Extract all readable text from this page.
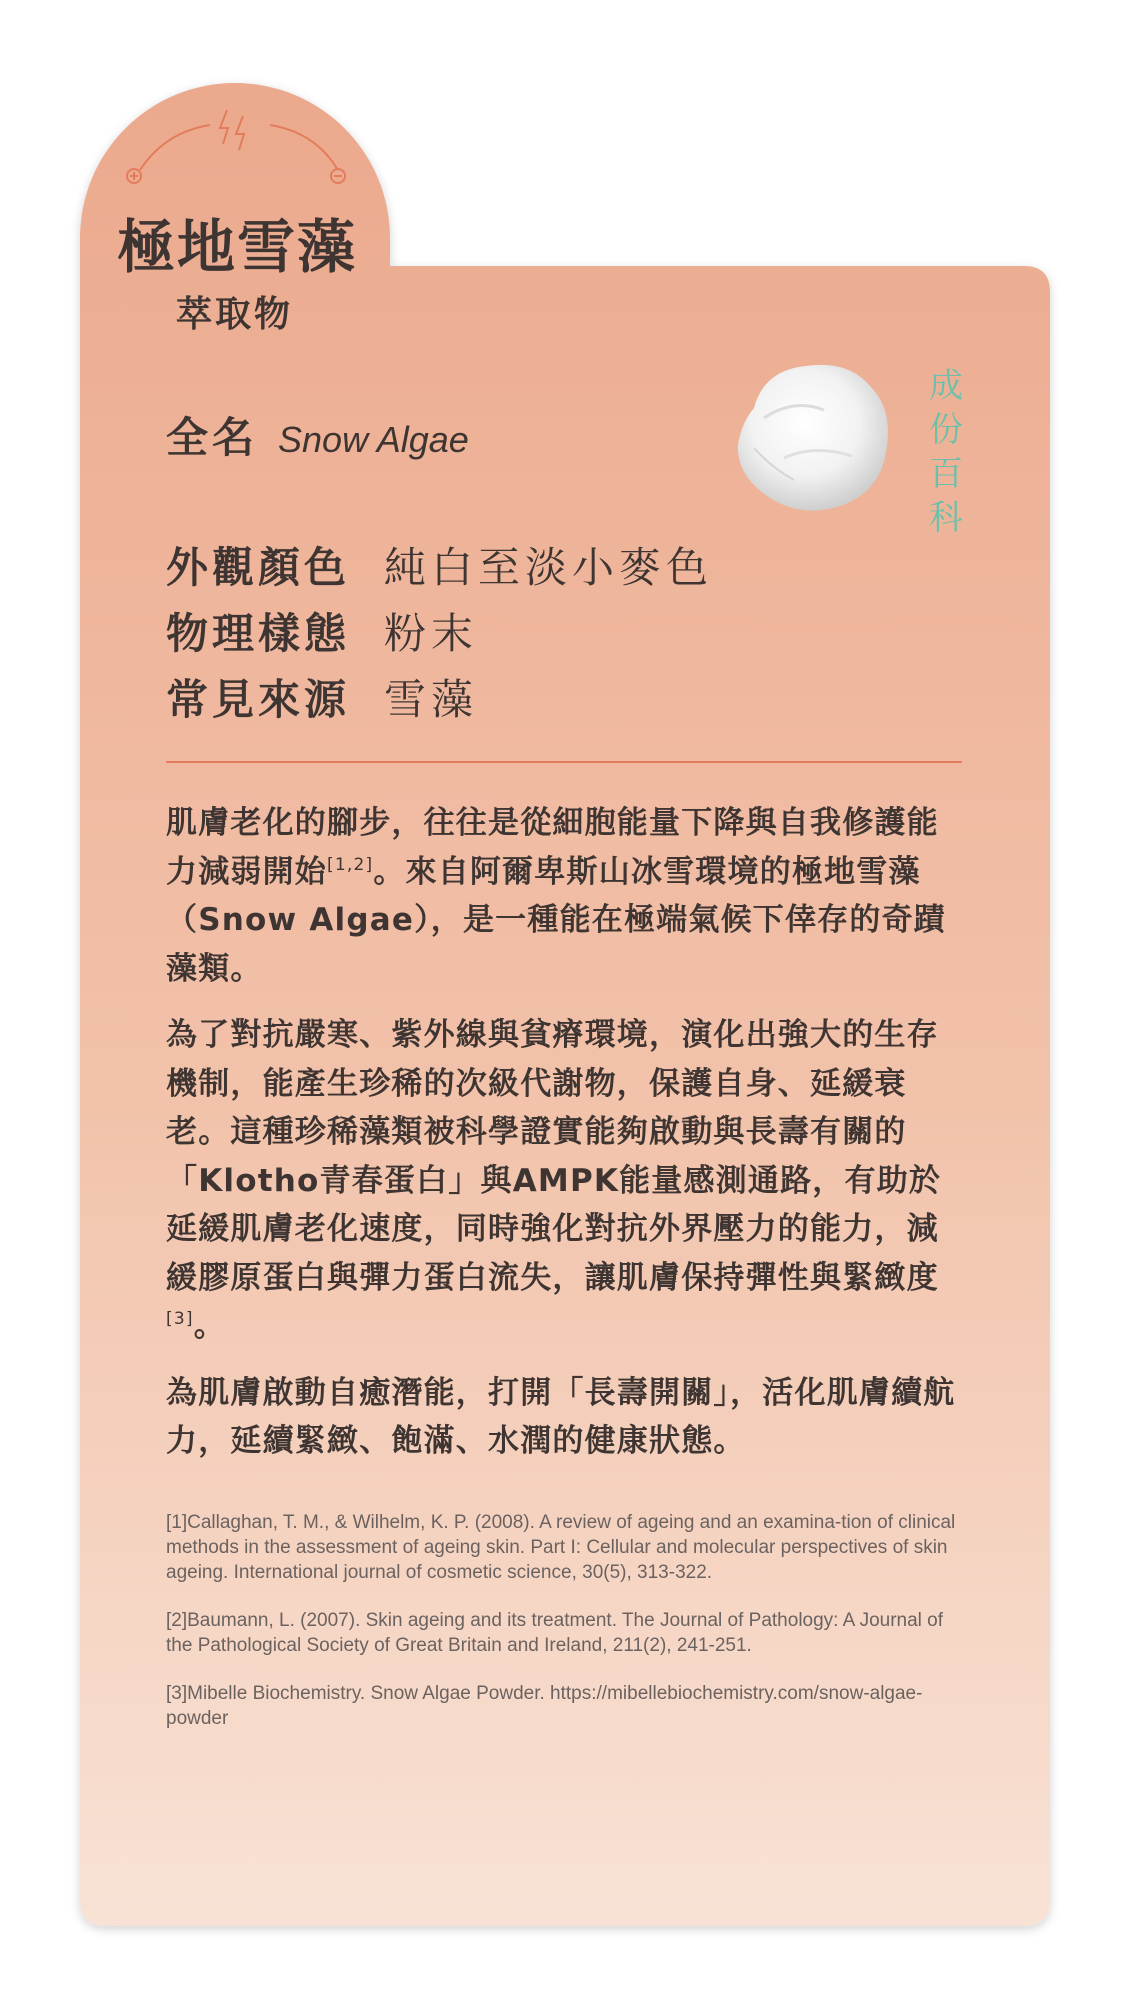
極地雪藻
萃取物
全名 Snow Algae
成
份
百
科
外觀顏色 純白至淡小麥色
物理樣態 粉末
常見來源 雪藻

肌膚老化的腳步，往往是從細胞能量下降與自我修護能力減弱開始[1,2]。來自阿爾卑斯山冰雪環境的極地雪藻（Snow Algae），是一種能在極端氣候下倖存的奇蹟藻類。

為了對抗嚴寒、紫外線與貧瘠環境，演化出強大的生存機制，能產生珍稀的次級代謝物，保護自身、延緩衰老。這種珍稀藻類被科學證實能夠啟動與長壽有關的「Klotho青春蛋白」與AMPK能量感測通路，有助於延緩肌膚老化速度，同時強化對抗外界壓力的能力，減緩膠原蛋白與彈力蛋白流失，讓肌膚保持彈性與緊緻度[3]。

為肌膚啟動自癒潛能，打開「長壽開關」，活化肌膚續航力，延續緊緻、飽滿、水潤的健康狀態。

[1]Callaghan, T. M., & Wilhelm, K. P. (2008). A review of ageing and an examina-tion of clinical methods in the assessment of ageing skin. Part I: Cellular and molecular perspectives of skin ageing. International journal of cosmetic science, 30(5), 313-322.

[2]Baumann, L. (2007). Skin ageing and its treatment. The Journal of Pathology: A Journal of the Pathological Society of Great Britain and Ireland, 211(2), 241-251.

[3]Mibelle Biochemistry. Snow Algae Powder. https://mibellebiochemistry.com/snow-algae-powder
